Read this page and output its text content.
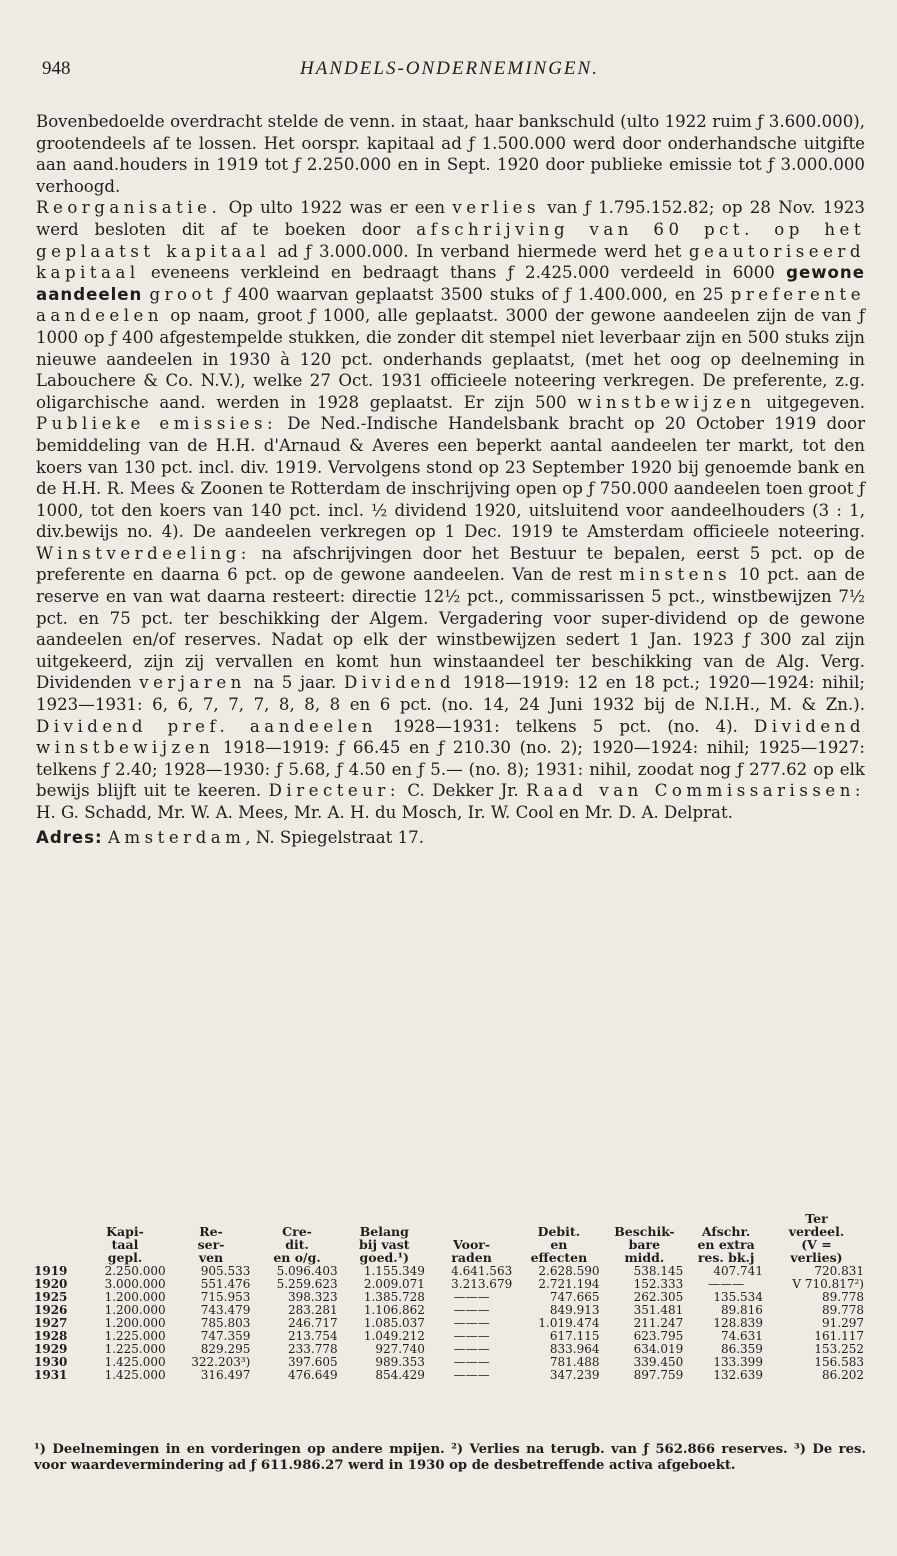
948	HANDELS-ONDERNEMINGEN.

Bovenbedoelde overdracht stelde de venn. in staat, haar bankschuld (ulto 1922 ruim ƒ 3.600.000), grootendeels af te lossen. Het oorspr. kapitaal ad ƒ 1.500.000 werd door onderhandsche uitgifte aan aand.houders in 1919 tot ƒ 2.250.000 en in Sept. 1920 door publieke emissie tot ƒ 3.000.000 verhoogd.
Reorganisatie. Op ulto 1922 was er een verlies van ƒ 1.795.152.82; op 28 Nov. 1923 werd besloten dit af te boeken door afschrijving van 60 pct. op het geplaatst kapitaal ad ƒ 3.000.000. In verband hiermede werd het geautoriseerd kapitaal eveneens verkleind en bedraagt thans ƒ 2.425.000 verdeeld in 6000 gewone aandeelen groot ƒ 400 waarvan geplaatst 3500 stuks of ƒ 1.400.000, en 25 preferente aandeelen op naam, groot ƒ 1000, alle geplaatst. 3000 der gewone aandeelen zijn de van ƒ 1000 op ƒ 400 afgestempelde stukken, die zonder dit stempel niet leverbaar zijn en 500 stuks zijn nieuwe aandeelen in 1930 à 120 pct. onderhands geplaatst, (met het oog op deelneming in Labouchere & Co. N.V.), welke 27 Oct. 1931 officieele noteering verkregen. De preferente, z.g. oligarchische aand. werden in 1928 geplaatst. Er zijn 500 winstbewijzen uitgegeven. Publieke emissies: De Ned.-Indische Handelsbank bracht op 20 October 1919 door bemiddeling van de H.H. d'Arnaud & Averes een beperkt aantal aandeelen ter markt, tot den koers van 130 pct. incl. div. 1919. Vervolgens stond op 23 September 1920 bij genoemde bank en de H.H. R. Mees & Zoonen te Rotterdam de inschrijving open op ƒ 750.000 aandeelen toen groot ƒ 1000, tot den koers van 140 pct. incl. ½ dividend 1920, uitsluitend voor aandeelhouders (3 : 1, div.bewijs no. 4). De aandeelen verkregen op 1 Dec. 1919 te Amsterdam officieele noteering. Winstverdeeling: na afschrijvingen door het Bestuur te bepalen, eerst 5 pct. op de preferente en daarna 6 pct. op de gewone aandeelen. Van de rest minstens 10 pct. aan de reserve en van wat daarna resteert: directie 12½ pct., commissarissen 5 pct., winstbewijzen 7½ pct. en 75 pct. ter beschikking der Algem. Vergadering voor super-dividend op de gewone aandeelen en/of reserves. Nadat op elk der winstbewijzen sedert 1 Jan. 1923 ƒ 300 zal zijn uitgekeerd, zijn zij vervallen en komt hun winstaandeel ter beschikking van de Alg. Verg. Dividenden verjaren na 5 jaar. Dividend 1918—1919: 12 en 18 pct.; 1920—1924: nihil; 1923—1931: 6, 6, 7, 7, 7, 8, 8, 8 en 6 pct. (no. 14, 24 Juni 1932 bij de N.I.H., M. & Zn.). Dividend pref. aandeelen 1928—1931: telkens 5 pct. (no. 4). Dividend winstbewijzen 1918—1919: ƒ 66.45 en ƒ 210.30 (no. 2); 1920—1924: nihil; 1925—1927: telkens ƒ 2.40; 1928—1930: ƒ 5.68, ƒ 4.50 en ƒ 5.— (no. 8); 1931: nihil, zoodat nog ƒ 277.62 op elk bewijs blijft uit te keeren. Directeur: C. Dekker Jr. Raad van Commissarissen: H. G. Schadd, Mr. W. A. Mees, Mr. A. H. du Mosch, Ir. W. Cool en Mr. D. A. Delprat.

Adres: Amsterdam, N. Spiegelstraat 17.

	Kapi-
taal
gepl.	Re-
ser-
ven	Cre-
dit.
en o/g.	Belang
bij vast
goed.¹)	Voor-
raden	Debit.
en
effecten	Beschik-
bare
midd.	Afschr.
en extra
res. bk.j	Ter
verdeel.
(V =
verlies)
1919	2.250.000	905.533	5.096.403	1.155.349	4.641.563	2.628.590	538.145	407.741	720.831
1920	3.000.000	551.476	5.259.623	2.009.071	3.213.679	2.721.194	152.333	———	V 710.817²)
1925	1.200.000	715.953	398.323	1.385.728	———	747.665	262.305	135.534	89.778
1926	1.200.000	743.479	283.281	1.106.862	———	849.913	351.481	89.816	89.778
1927	1.200.000	785.803	246.717	1.085.037	———	1.019.474	211.247	128.839	91.297
1928	1.225.000	747.359	213.754	1.049.212	———	617.115	623.795	74.631	161.117
1929	1.225.000	829.295	233.778	927.740	———	833.964	634.019	86.359	153.252
1930	1.425.000	322.203³)	397.605	989.353	———	781.488	339.450	133.399	156.583
1931	1.425.000	316.497	476.649	854.429	———	347.239	897.759	132.639	86.202

¹) Deelnemingen in en vorderingen op andere mpijen. ²) Verlies na terugb. van ƒ 562.866 reserves. ³) De res. voor waardevermindering ad ƒ 611.986.27 werd in 1930 op de desbetreffende activa afgeboekt.
